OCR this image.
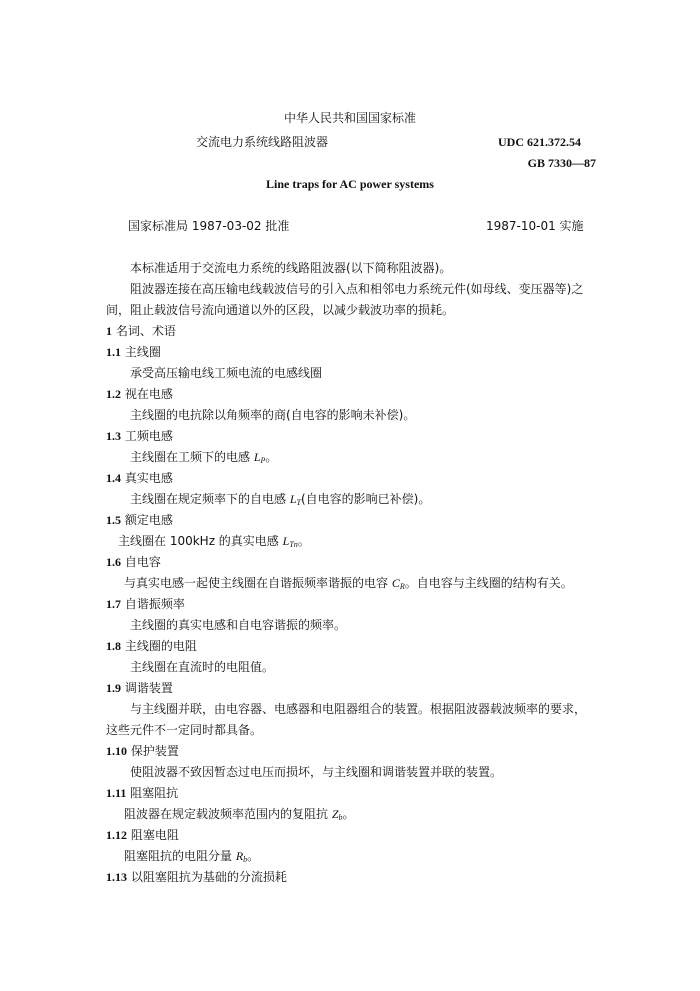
中华人民共和国国家标准
交流电力系统线路阻波器	UDC 621.372.54
GB 7330—87
Line traps for AC power systems
国家标准局 1987-03-02 批准	1987-10-01 实施
本标准适用于交流电力系统的线路阻波器(以下简称阻波器)。
阻波器连接在高压输电线载波信号的引入点和相邻电力系统元件(如母线、变压器等)之
间，阻止载波信号流向通道以外的区段，以减少载波功率的损耗。
1 名词、术语
1.1 主线圈
承受高压输电线工频电流的电感线圈
1.2 视在电感
主线圈的电抗除以角频率的商(自电容的影响未补偿)。
1.3 工频电感
主线圈在工频下的电感 $L_P$。
1.4 真实电感
主线圈在规定频率下的自电感 $L_T$(自电容的影响已补偿)。
1.5 额定电感
主线圈在 100kHz 的真实电感 $L_{Tn}$。
1.6 自电容
与真实电感一起使主线圈在自谐振频率谐振的电容 $C_R$。自电容与主线圈的结构有关。
1.7 自谐振频率
主线圈的真实电感和自电容谐振的频率。
1.8 主线圈的电阻
主线圈在直流时的电阻值。
1.9 调谐装置
与主线圈并联，由电容器、电感器和电阻器组合的装置。根据阻波器载波频率的要求，
这些元件不一定同时都具备。
1.10 保护装置
使阻波器不致因暂态过电压而损坏，与主线圈和调谐装置并联的装置。
1.11 阻塞阻抗
阻波器在规定载波频率范围内的复阻抗 $Z_b$。
1.12 阻塞电阻
阻塞阻抗的电阻分量 $R_b$。
1.13 以阻塞阻抗为基础的分流损耗
